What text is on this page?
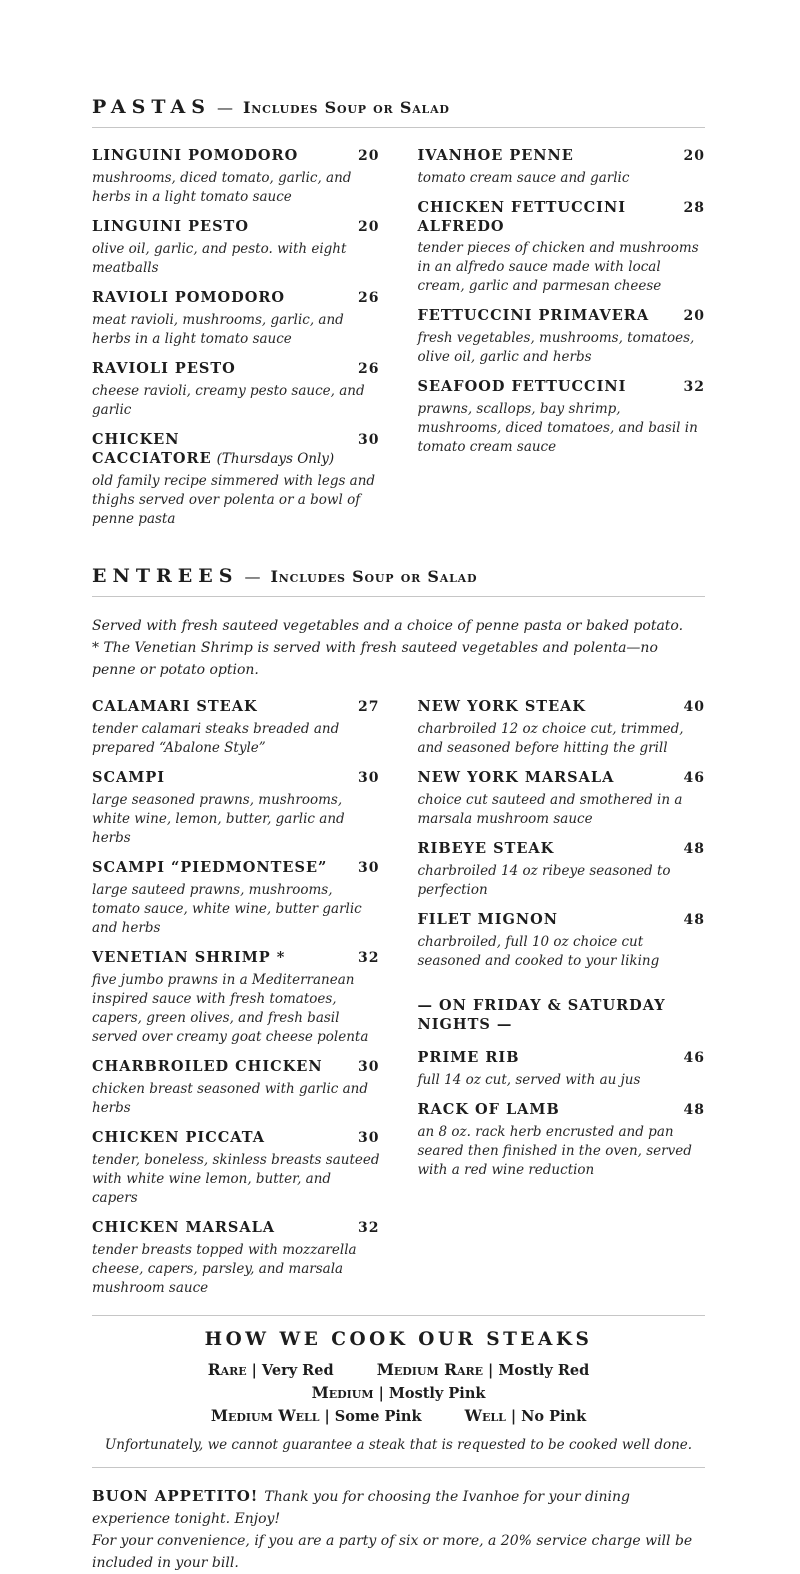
PASTAS — Includes Soup or Salad
LINGUINI POMODORO	20
mushrooms, diced tomato, garlic, and herbs in a light tomato sauce
LINGUINI PESTO	20
olive oil, garlic, and pesto. with eight meatballs
RAVIOLI POMODORO	26
meat ravioli, mushrooms, garlic, and herbs in a light tomato sauce
RAVIOLI PESTO	26
cheese ravioli, creamy pesto sauce, and garlic
CHICKEN CACCIATORE (Thursdays Only)
30
old family recipe simmered with legs and thighs served over polenta or a bowl of penne pasta
IVANHOE PENNE	20
tomato cream sauce and garlic
CHICKEN FETTUCCINI ALFREDO
28
tender pieces of chicken and mushrooms in an alfredo sauce made with local cream, garlic and parmesan cheese
FETTUCCINI PRIMAVERA	20
fresh vegetables, mushrooms, tomatoes, olive oil, garlic and herbs
SEAFOOD FETTUCCINI	32
prawns, scallops, bay shrimp, mushrooms, diced tomatoes, and basil in tomato cream sauce
ENTREES — Includes Soup or Salad
Served with fresh sauteed vegetables and a choice of penne pasta or baked potato.
* The Venetian Shrimp is served with fresh sauteed vegetables and polenta—no penne or potato option.
CALAMARI STEAK	27
tender calamari steaks breaded and prepared “Abalone Style”
SCAMPI	30
large seasoned prawns, mushrooms, white wine, lemon, butter, garlic and herbs
SCAMPI “PIEDMONTESE”	30
large sauteed prawns, mushrooms, tomato sauce, white wine, butter garlic and herbs
VENETIAN SHRIMP *	32
five jumbo prawns in a Mediterranean inspired sauce with fresh tomatoes, capers, green olives, and fresh basil served over creamy goat cheese polenta
CHARBROILED CHICKEN	30
chicken breast seasoned with garlic and herbs
CHICKEN PICCATA	30
tender, boneless, skinless breasts sauteed with white wine lemon, butter, and capers
CHICKEN MARSALA	32
tender breasts topped with mozzarella cheese, capers, parsley, and marsala mushroom sauce
NEW YORK STEAK	40
charbroiled 12 oz choice cut, trimmed, and seasoned before hitting the grill
NEW YORK MARSALA	46
choice cut sauteed and smothered in a marsala mushroom sauce
RIBEYE STEAK	48
charbroiled 14 oz ribeye seasoned to perfection
FILET MIGNON	48
charbroiled, full 10 oz choice cut seasoned and cooked to your liking
— ON FRIDAY & SATURDAY NIGHTS —
PRIME RIB	46
full 14 oz cut, served with au jus
RACK OF LAMB	48
an 8 oz. rack herb encrusted and pan seared then finished in the oven, served with a red wine reduction
HOW WE COOK OUR STEAKS
Rare | Very Red	Medium Rare | Mostly Red Medium | Mostly Pink
Medium Well | Some Pink	Well | No Pink
Unfortunately, we cannot guarantee a steak that is requested to be cooked well done.
BUON APPETITO! Thank you for choosing the Ivanhoe for your dining experience tonight. Enjoy!
For your convenience, if you are a party of six or more, a 20% service charge will be included in your bill.
